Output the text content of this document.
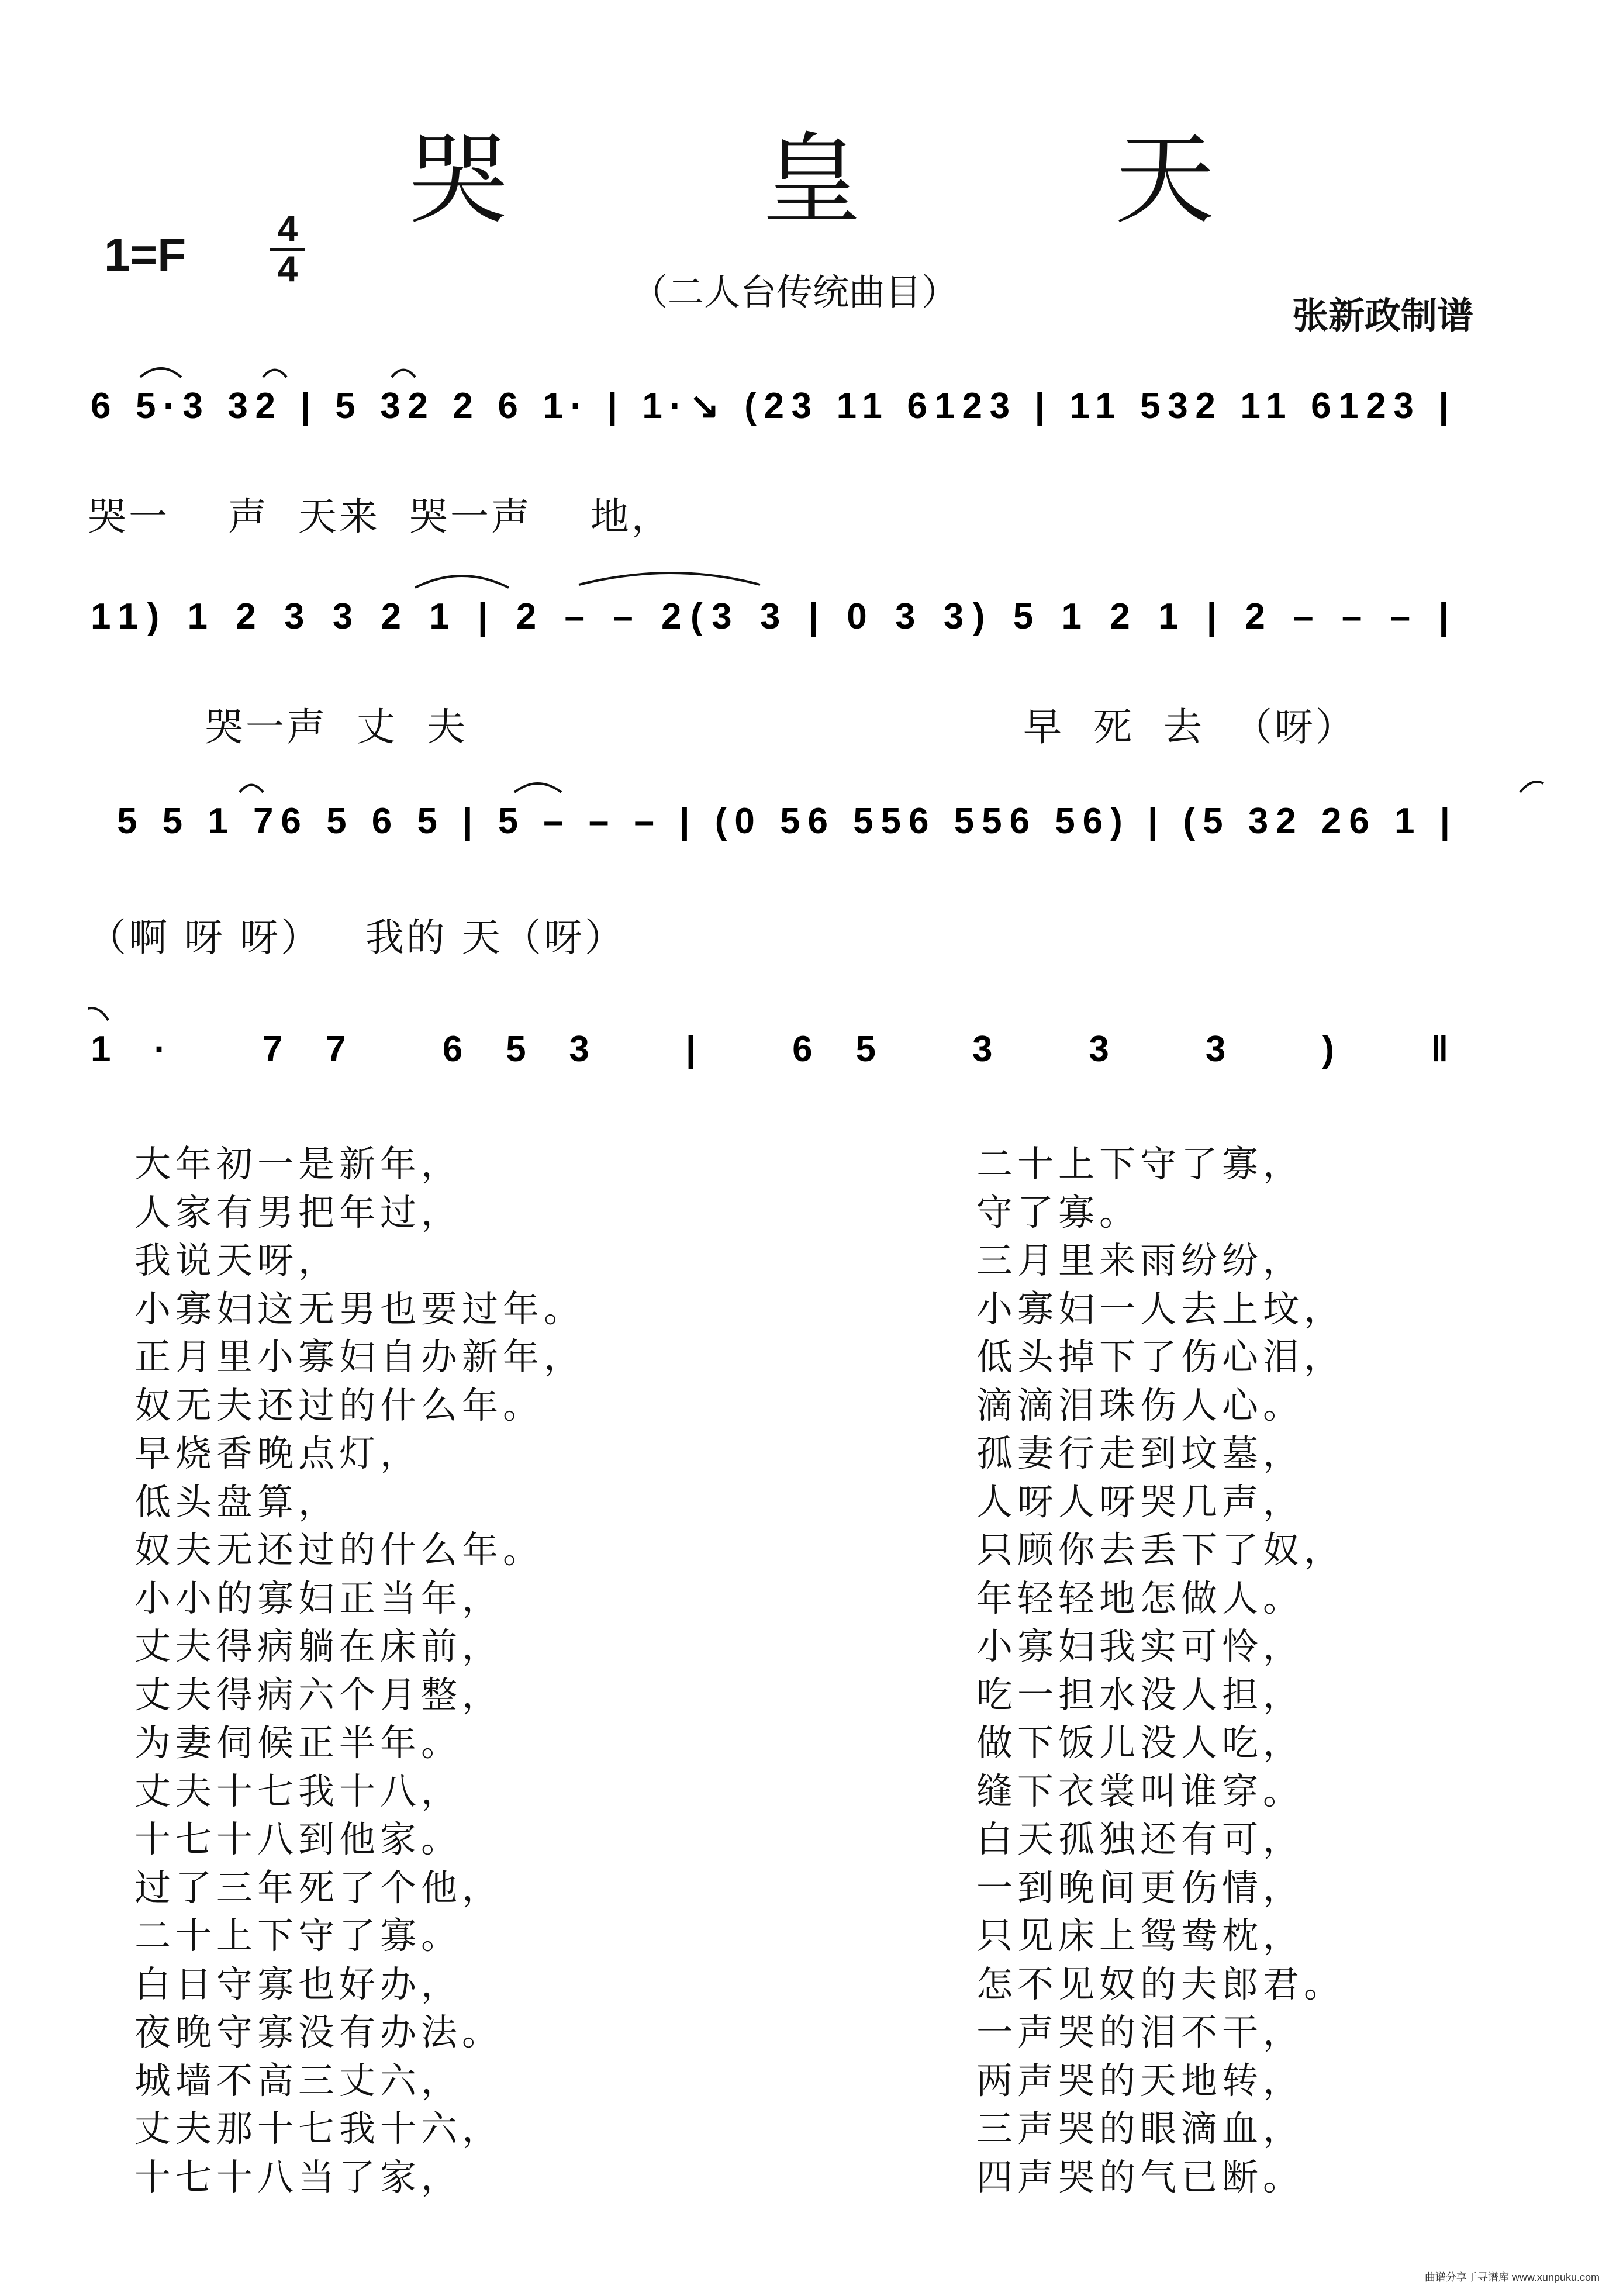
哭 皇 天
1=F	4
4
（二人台传统曲目）
张新政制谱
6 5·3 32 | 5 32 2 6 1· | 1·↘ (23 11 6123 | 11 532 11 6123 |
哭一    声  天来  哭一声    地，
11) 1 2 3 3 2 1 | 2 – – 2(3 3 | 0 3 3) 5 1 2 1 | 2 – – – |
哭一声  丈  夫	早  死  去  （呀）
5 5 1 76 5 6 5 | 5 – – – | (0 56 556 556 56) | (5 32 26 1 |
（啊 呀 呀）   我的 天（呀）
1· 77 653 | 65 3 3 3 ) ‖
大年初一是新年，
人家有男把年过，
我说天呀，
小寡妇这无男也要过年。
正月里小寡妇自办新年，
奴无夫还过的什么年。
早烧香晚点灯，
低头盘算，
奴夫无还过的什么年。
小小的寡妇正当年，
丈夫得病躺在床前，
丈夫得病六个月整，
为妻伺候正半年。
丈夫十七我十八，
十七十八到他家。
过了三年死了个他，
二十上下守了寡。
白日守寡也好办，
夜晚守寡没有办法。
城墙不高三丈六，
丈夫那十七我十六，
十七十八当了家，
二十上下守了寡，
守了寡。
三月里来雨纷纷，
小寡妇一人去上坟，
低头掉下了伤心泪，
滴滴泪珠伤人心。
孤妻行走到坟墓，
人呀人呀哭几声，
只顾你去丢下了奴，
年轻轻地怎做人。
小寡妇我实可怜，
吃一担水没人担，
做下饭儿没人吃，
缝下衣裳叫谁穿。
白天孤独还有可，
一到晚间更伤情，
只见床上鸳鸯枕，
怎不见奴的夫郎君。
一声哭的泪不干，
两声哭的天地转，
三声哭的眼滴血，
四声哭的气已断。
曲谱分享于寻谱库 www.xunpuku.com
